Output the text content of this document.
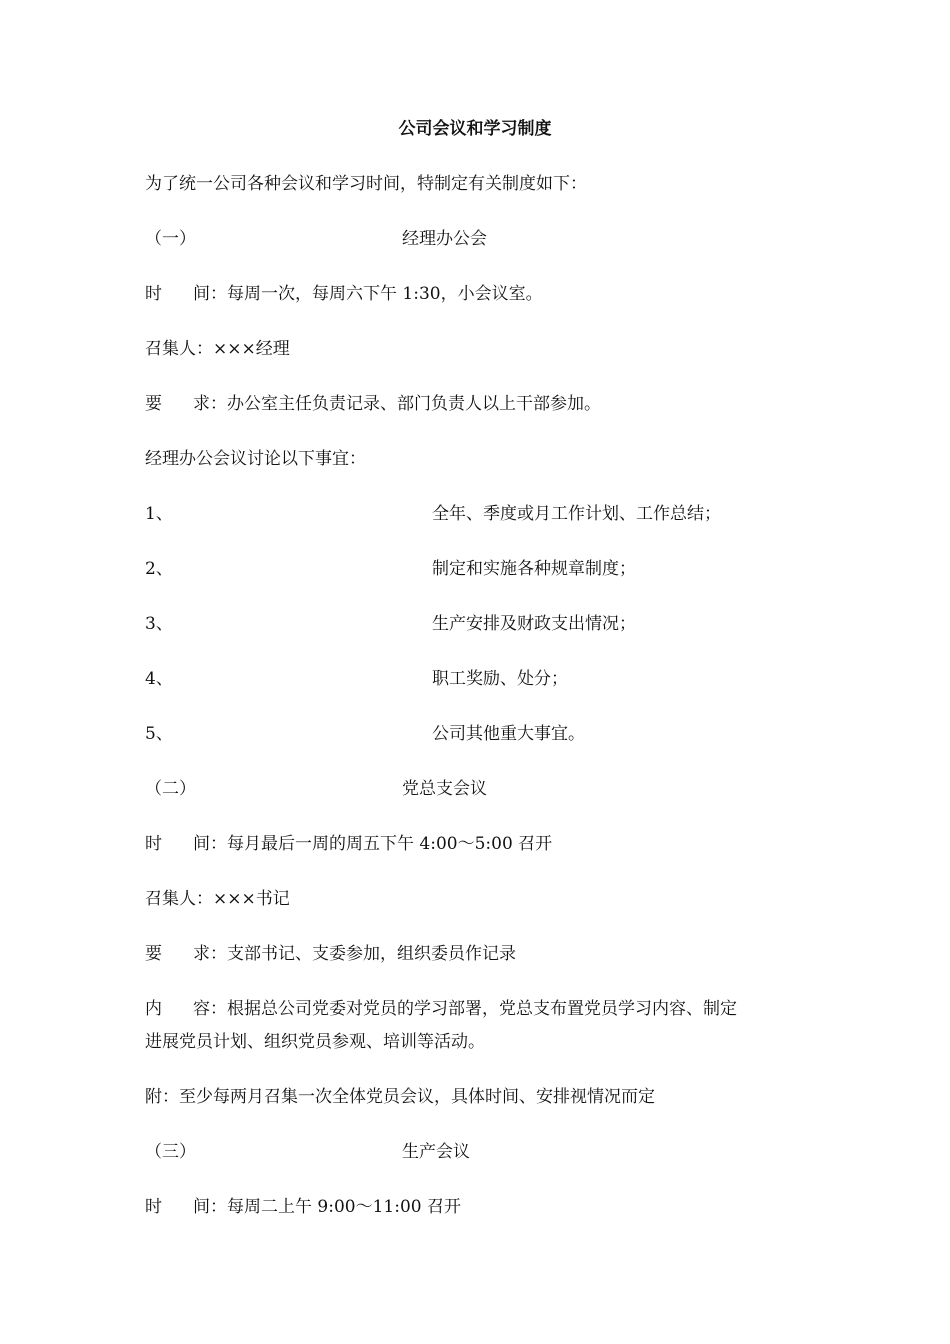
公司会议和学习制度
为了统一公司各种会议和学习时间，特制定有关制度如下：
（一）	经理办公会
时 间：每周一次，每周六下午 1:30，小会议室。
召集人：×××经理
要 求：办公室主任负责记录、部门负责人以上干部参加。
经理办公会议讨论以下事宜：
1、	全年、季度或月工作计划、工作总结；
2、	制定和实施各种规章制度；
3、	生产安排及财政支出情况；
4、	职工奖励、处分；
5、	公司其他重大事宜。
（二）	党总支会议
时 间：每月最后一周的周五下午 4:00～5:00 召开
召集人：×××书记
要 求：支部书记、支委参加，组织委员作记录
内 容：根据总公司党委对党员的学习部署，党总支布置党员学习内容、制定
进展党员计划、组织党员参观、培训等活动。
附：至少每两月召集一次全体党员会议，具体时间、安排视情况而定
（三）	生产会议
时 间：每周二上午 9:00～11:00 召开
